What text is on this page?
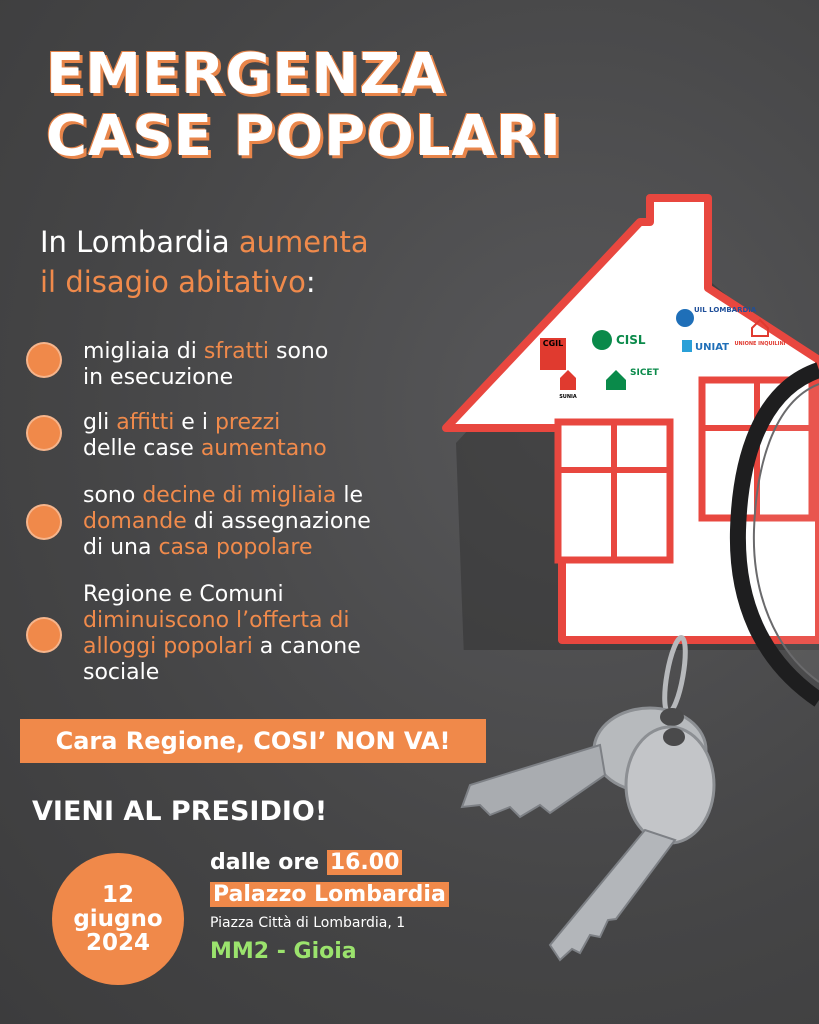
EMERGENZA
CASE POPOLARI
CGIL	CISL
UIL LOMBARDIA
UNIAT
SICET
SUNIA
UNIONE INQUILINI
In Lombardia aumenta
il disagio abitativo:
migliaia di sfratti sono
in esecuzione
gli affitti e i prezzi
delle case aumentano
sono decine di migliaia le
domande di assegnazione
di una casa popolare
Regione e Comuni
diminuiscono l’offerta di
alloggi popolari a canone
sociale
Cara Regione, COSI’ NON VA!
VIENI AL PRESIDIO!
12
giugno
2024
dalle ore 16.00
Palazzo Lombardia
Piazza Città di Lombardia, 1
MM2 - Gioia
